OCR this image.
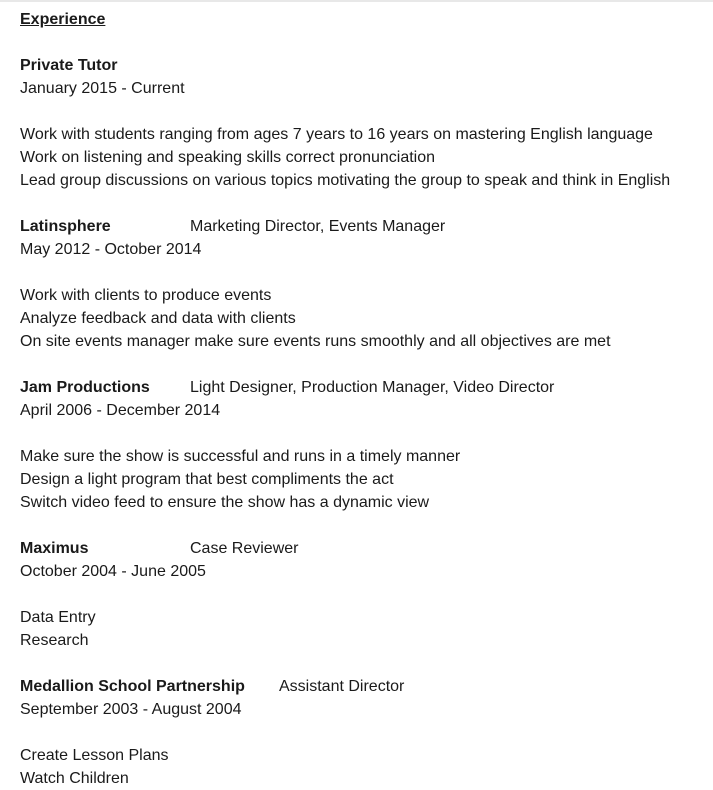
Experience
Private Tutor
January 2015 - Current
Work with students ranging from ages 7 years to 16 years on mastering English language
Work on listening and speaking skills correct pronunciation
Lead group discussions on various topics motivating the group to speak and think in English
Latinsphere	Marketing Director, Events Manager
May 2012 - October 2014
Work with clients to produce events
Analyze feedback and data with clients
On site events manager make sure events runs smoothly and all objectives are met
Jam Productions	Light Designer, Production Manager, Video Director
April 2006 - December 2014
Make sure the show is successful and runs in a timely manner
Design a light program that best compliments the act
Switch video feed to ensure the show has a dynamic view
Maximus	Case Reviewer
October 2004 - June 2005
Data Entry
Research
Medallion School Partnership Assistant Director
September 2003 - August 2004
Create Lesson Plans
Watch Children
